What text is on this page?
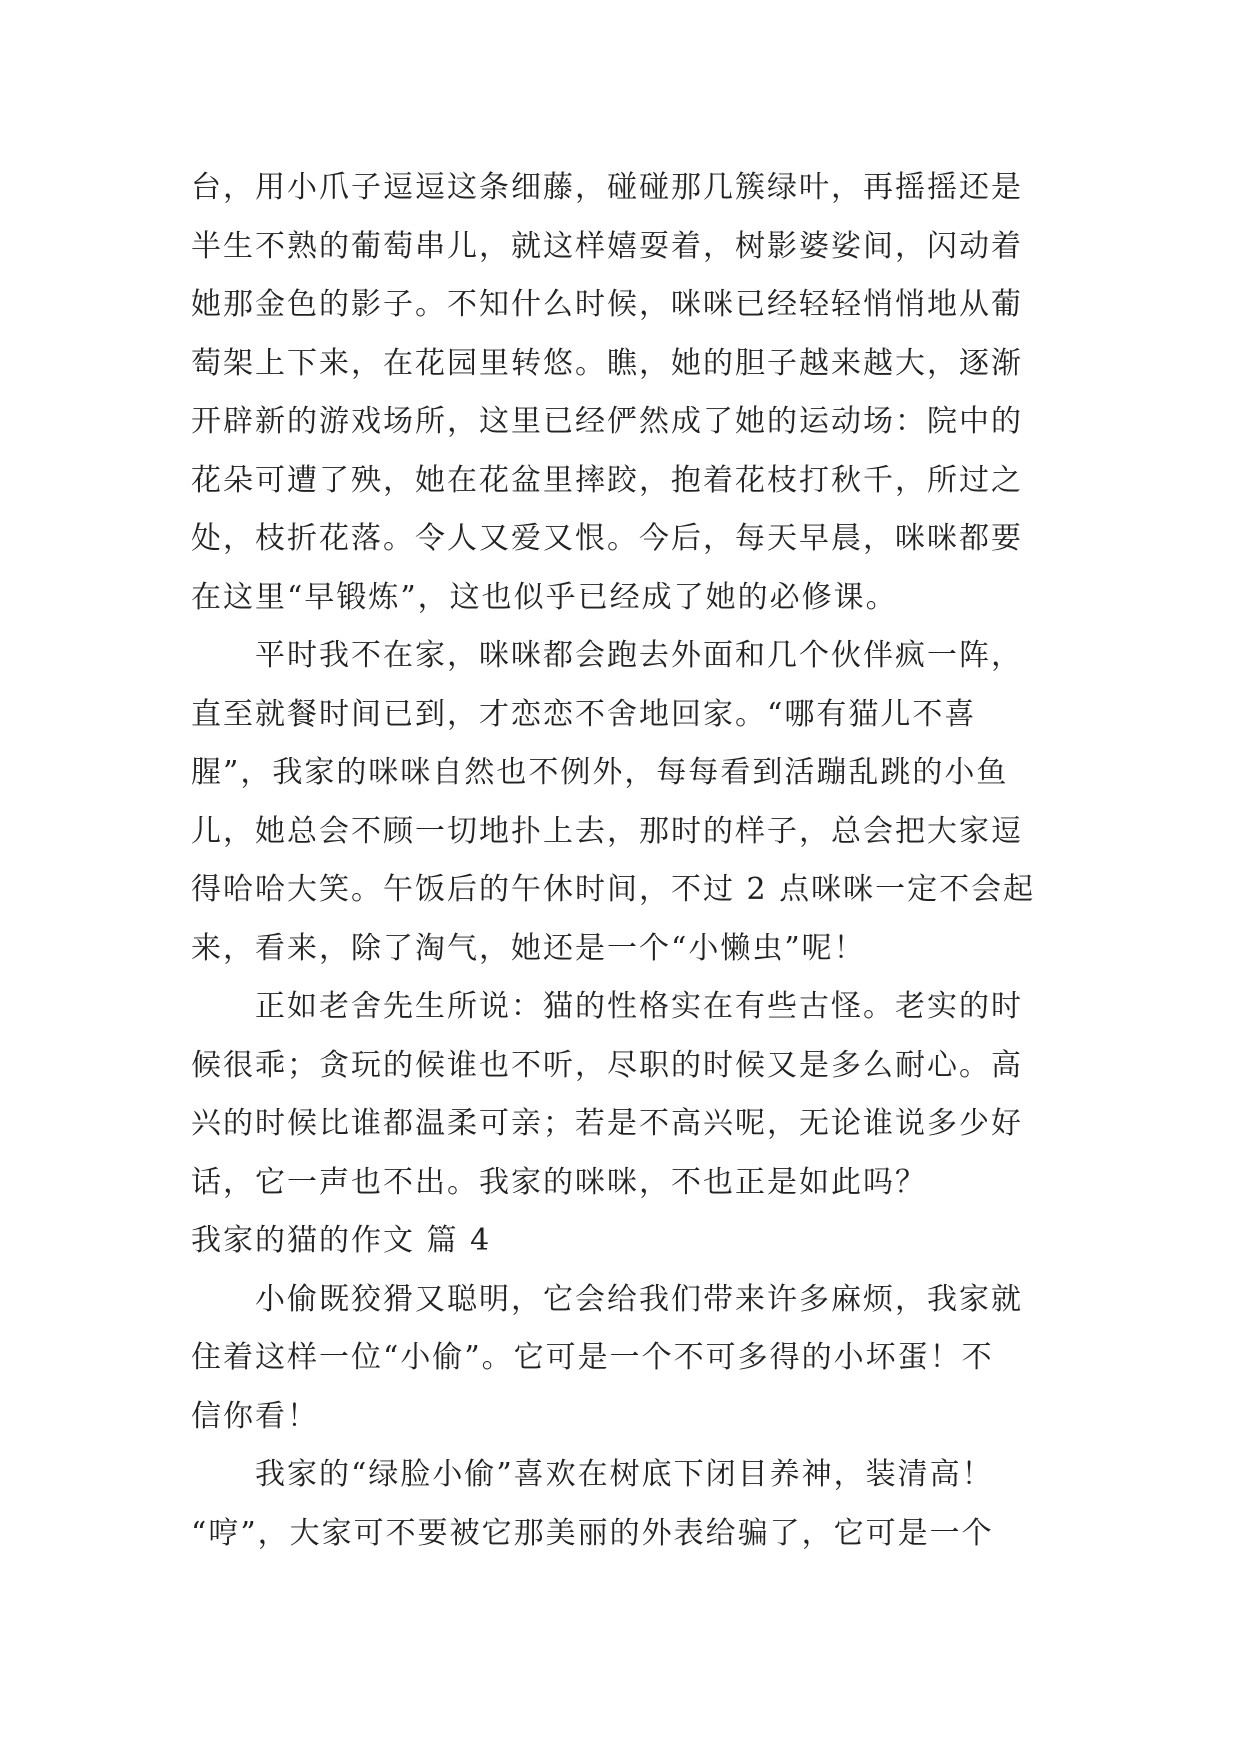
台，用小爪子逗逗这条细藤，碰碰那几簇绿叶，再摇摇还是
半生不熟的葡萄串儿，就这样嬉耍着，树影婆娑间，闪动着
她那金色的影子。不知什么时候，咪咪已经轻轻悄悄地从葡
萄架上下来，在花园里转悠。瞧，她的胆子越来越大，逐渐
开辟新的游戏场所，这里已经俨然成了她的运动场：院中的
花朵可遭了殃，她在花盆里摔跤，抱着花枝打秋千，所过之
处，枝折花落。令人又爱又恨。今后，每天早晨，咪咪都要
在这里“早锻炼”，这也似乎已经成了她的必修课。
平时我不在家，咪咪都会跑去外面和几个伙伴疯一阵，
直至就餐时间已到，才恋恋不舍地回家。“哪有猫儿不喜
腥”，我家的咪咪自然也不例外，每每看到活蹦乱跳的小鱼
儿，她总会不顾一切地扑上去，那时的样子，总会把大家逗
得哈哈大笑。午饭后的午休时间，不过 2 点咪咪一定不会起
来，看来，除了淘气，她还是一个“小懒虫”呢！
正如老舍先生所说：猫的性格实在有些古怪。老实的时
候很乖；贪玩的候谁也不听，尽职的时候又是多么耐心。高
兴的时候比谁都温柔可亲；若是不高兴呢，无论谁说多少好
话，它一声也不出。我家的咪咪，不也正是如此吗？
我家的猫的作文 篇 4
小偷既狡猾又聪明，它会给我们带来许多麻烦，我家就
住着这样一位“小偷”。它可是一个不可多得的小坏蛋！不
信你看！
我家的“绿脸小偷”喜欢在树底下闭目养神，装清高！
“哼”，大家可不要被它那美丽的外表给骗了，它可是一个
